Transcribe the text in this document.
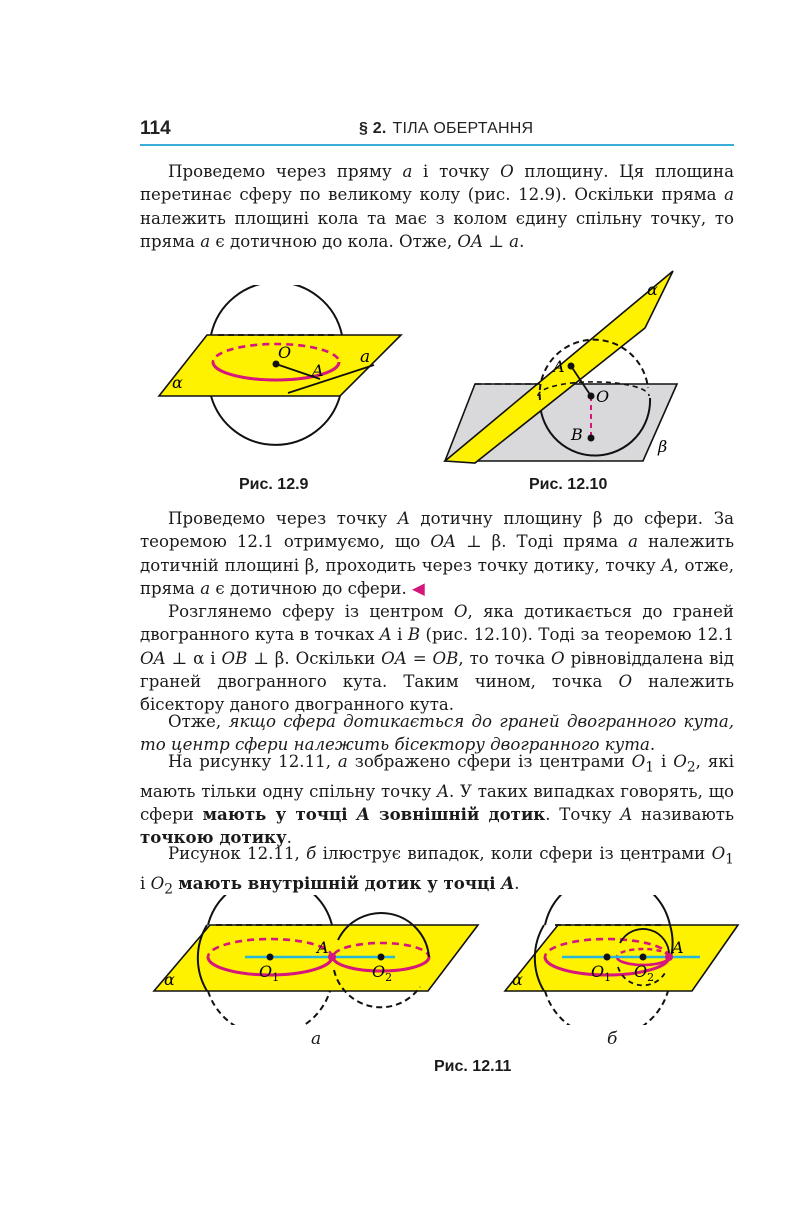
114	§ 2. ТІЛА ОБЕРТАННЯ

Проведемо через пряму a і точку O площину. Ця площина перетинає сферу по великому колу (рис. 12.9). Оскільки пряма a належить площині кола та має з колом єдину спільну точку, то пряма a є дотичною до кола. Отже, OA ⊥ a.

O
A
a
α
α
A
O
B
β
Рис. 12.9	Рис. 12.10

Проведемо через точку A дотичну площину β до сфери. За теоремою 12.1 отримуємо, що OA ⊥ β. Тоді пряма a належить дотичній площині β, проходить через точку дотику, точку A, отже, пряма a є дотичною до сфери. ◀

Розглянемо сферу із центром O, яка дотикається до граней двогранного кута в точках A і B (рис. 12.10). Тоді за теоремою 12.1 OA ⊥ α і OB ⊥ β. Оскільки OA = OB, то точка O рівновіддалена від граней двогранного кута. Таким чином, точка O належить бісектору даного двогранного кута.

Отже, якщо сфера дотикається до граней двогранного кута, то центр сфери належить бісектору двогранного кута.

На рисунку 12.11, а зображено сфери із центрами $O_1$ і $O_2$, які мають тільки одну спільну точку A. У таких випадках говорять, що сфери мають у точці A зовнішній дотик. Точку A називають точкою дотику.

Рисунок 12.11, б ілюструє випадок, коли сфери із центрами $O_1$ і $O_2$ мають внутрішній дотик у точці A.

A
$O_1$	$O_2$
α
A
$O_1$ $O_2$
α
а	б
Рис. 12.11
